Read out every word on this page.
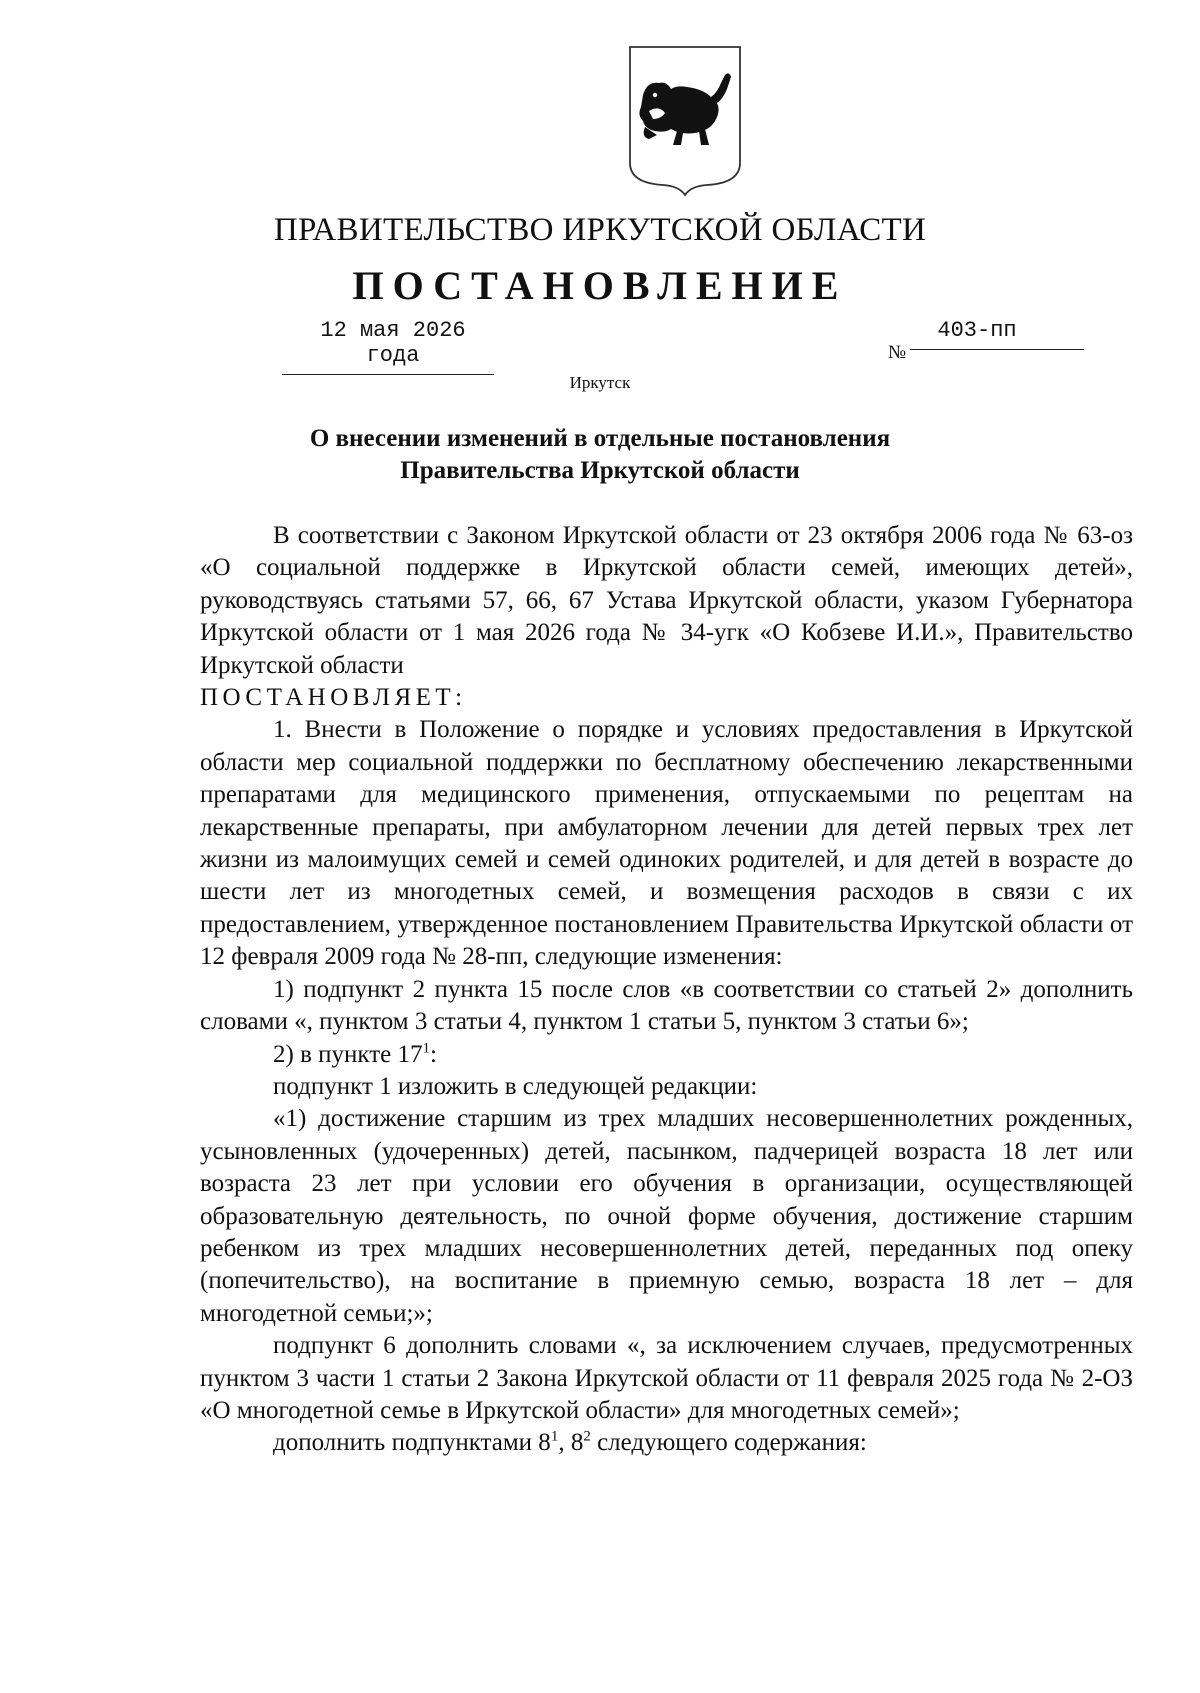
ПРАВИТЕЛЬСТВО ИРКУТСКОЙ ОБЛАСТИ
ПОСТАНОВЛЕНИЕ
12 мая 2026 года	№
403-пп
Иркутск
О внесении изменений в отдельные постановления
Правительства Иркутской области

В соответствии с Законом Иркутской области от 23 октября 2006 года № 63-оз «О социальной поддержке в Иркутской области семей, имеющих детей», руководствуясь статьями 57, 66, 67 Устава Иркутской области, указом Губернатора Иркутской области от 1 мая 2026 года № 34-угк «О Кобзеве И.И.», Правительство Иркутской области

ПОСТАНОВЛЯЕТ:

1. Внести в Положение о порядке и условиях предоставления в Иркутской области мер социальной поддержки по бесплатному обеспечению лекарственными препаратами для медицинского применения, отпускаемыми по рецептам на лекарственные препараты, при амбулаторном лечении для детей первых трех лет жизни из малоимущих семей и семей одиноких родителей, и для детей в возрасте до шести лет из многодетных семей, и возмещения расходов в связи с их предоставлением, утвержденное постановлением Правительства Иркутской области от 12 февраля 2009 года № 28-пп, следующие изменения:

1) подпункт 2 пункта 15 после слов «в соответствии со статьей 2» дополнить словами «, пунктом 3 статьи 4, пунктом 1 статьи 5, пунктом 3 статьи 6»;

2) в пункте $17^1$:

подпункт 1 изложить в следующей редакции:

«1) достижение старшим из трех младших несовершеннолетних рожденных, усыновленных (удочеренных) детей, пасынком, падчерицей возраста 18 лет или возраста 23 лет при условии его обучения в организации, осуществляющей образовательную деятельность, по очной форме обучения, достижение старшим ребенком из трех младших несовершеннолетних детей, переданных под опеку (попечительство), на воспитание в приемную семью, возраста 18 лет – для многодетной семьи;»;

подпункт 6 дополнить словами «, за исключением случаев, предусмотренных пунктом 3 части 1 статьи 2 Закона Иркутской области от 11 февраля 2025 года № 2-ОЗ «О многодетной семье в Иркутской области» для многодетных семей»;

дополнить подпунктами $8^1$, $8^2$ следующего содержания:
